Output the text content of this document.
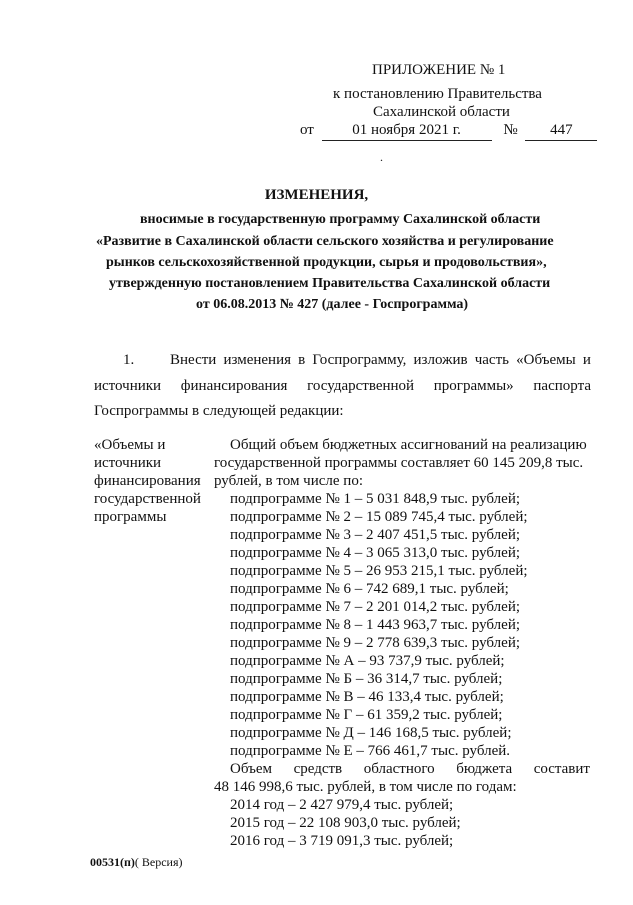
ПРИЛОЖЕНИЕ № 1
к постановлению Правительства
Сахалинской области
от	01 ноября 2021 г.	№ 447
.
ИЗМЕНЕНИЯ,
вносимые в государственную программу Сахалинской области
«Развитие в Сахалинской области сельского хозяйства и регулирование
рынков сельскохозяйственной продукции, сырья и продовольствия»,
утвержденную постановлением Правительства Сахалинской области
от 06.08.2013 № 427 (далее - Госпрограмма)
1. Внести изменения в Госпрограмму, изложив часть «Объемы и
источники финансирования государственной программы» паспорта
Госпрограммы в следующей редакции:
«Объемы и
источники
финансирования
государственной
программы
Общий объем бюджетных ассигнований на реализацию
государственной программы составляет 60 145 209,8 тыс.
рублей, в том числе по:
подпрограмме № 1 – 5 031 848,9 тыс. рублей;
подпрограмме № 2 – 15 089 745,4 тыс. рублей;
подпрограмме № 3 – 2 407 451,5 тыс. рублей;
подпрограмме № 4 – 3 065 313,0 тыс. рублей;
подпрограмме № 5 – 26 953 215,1 тыс. рублей;
подпрограмме № 6 – 742 689,1 тыс. рублей;
подпрограмме № 7 – 2 201 014,2 тыс. рублей;
подпрограмме № 8 – 1 443 963,7 тыс. рублей;
подпрограмме № 9 – 2 778 639,3 тыс. рублей;
подпрограмме № А – 93 737,9 тыс. рублей;
подпрограмме № Б – 36 314,7 тыс. рублей;
подпрограмме № В – 46 133,4 тыс. рублей;
подпрограмме № Г – 61 359,2 тыс. рублей;
подпрограмме № Д – 146 168,5 тыс. рублей;
подпрограмме № Е – 766 461,7 тыс. рублей.
Объем средств областного бюджета составит
48 146 998,6 тыс. рублей, в том числе по годам:
2014 год – 2 427 979,4 тыс. рублей;
2015 год – 22 108 903,0 тыс. рублей;
2016 год – 3 719 091,3 тыс. рублей;
00531(п)( Версия)
